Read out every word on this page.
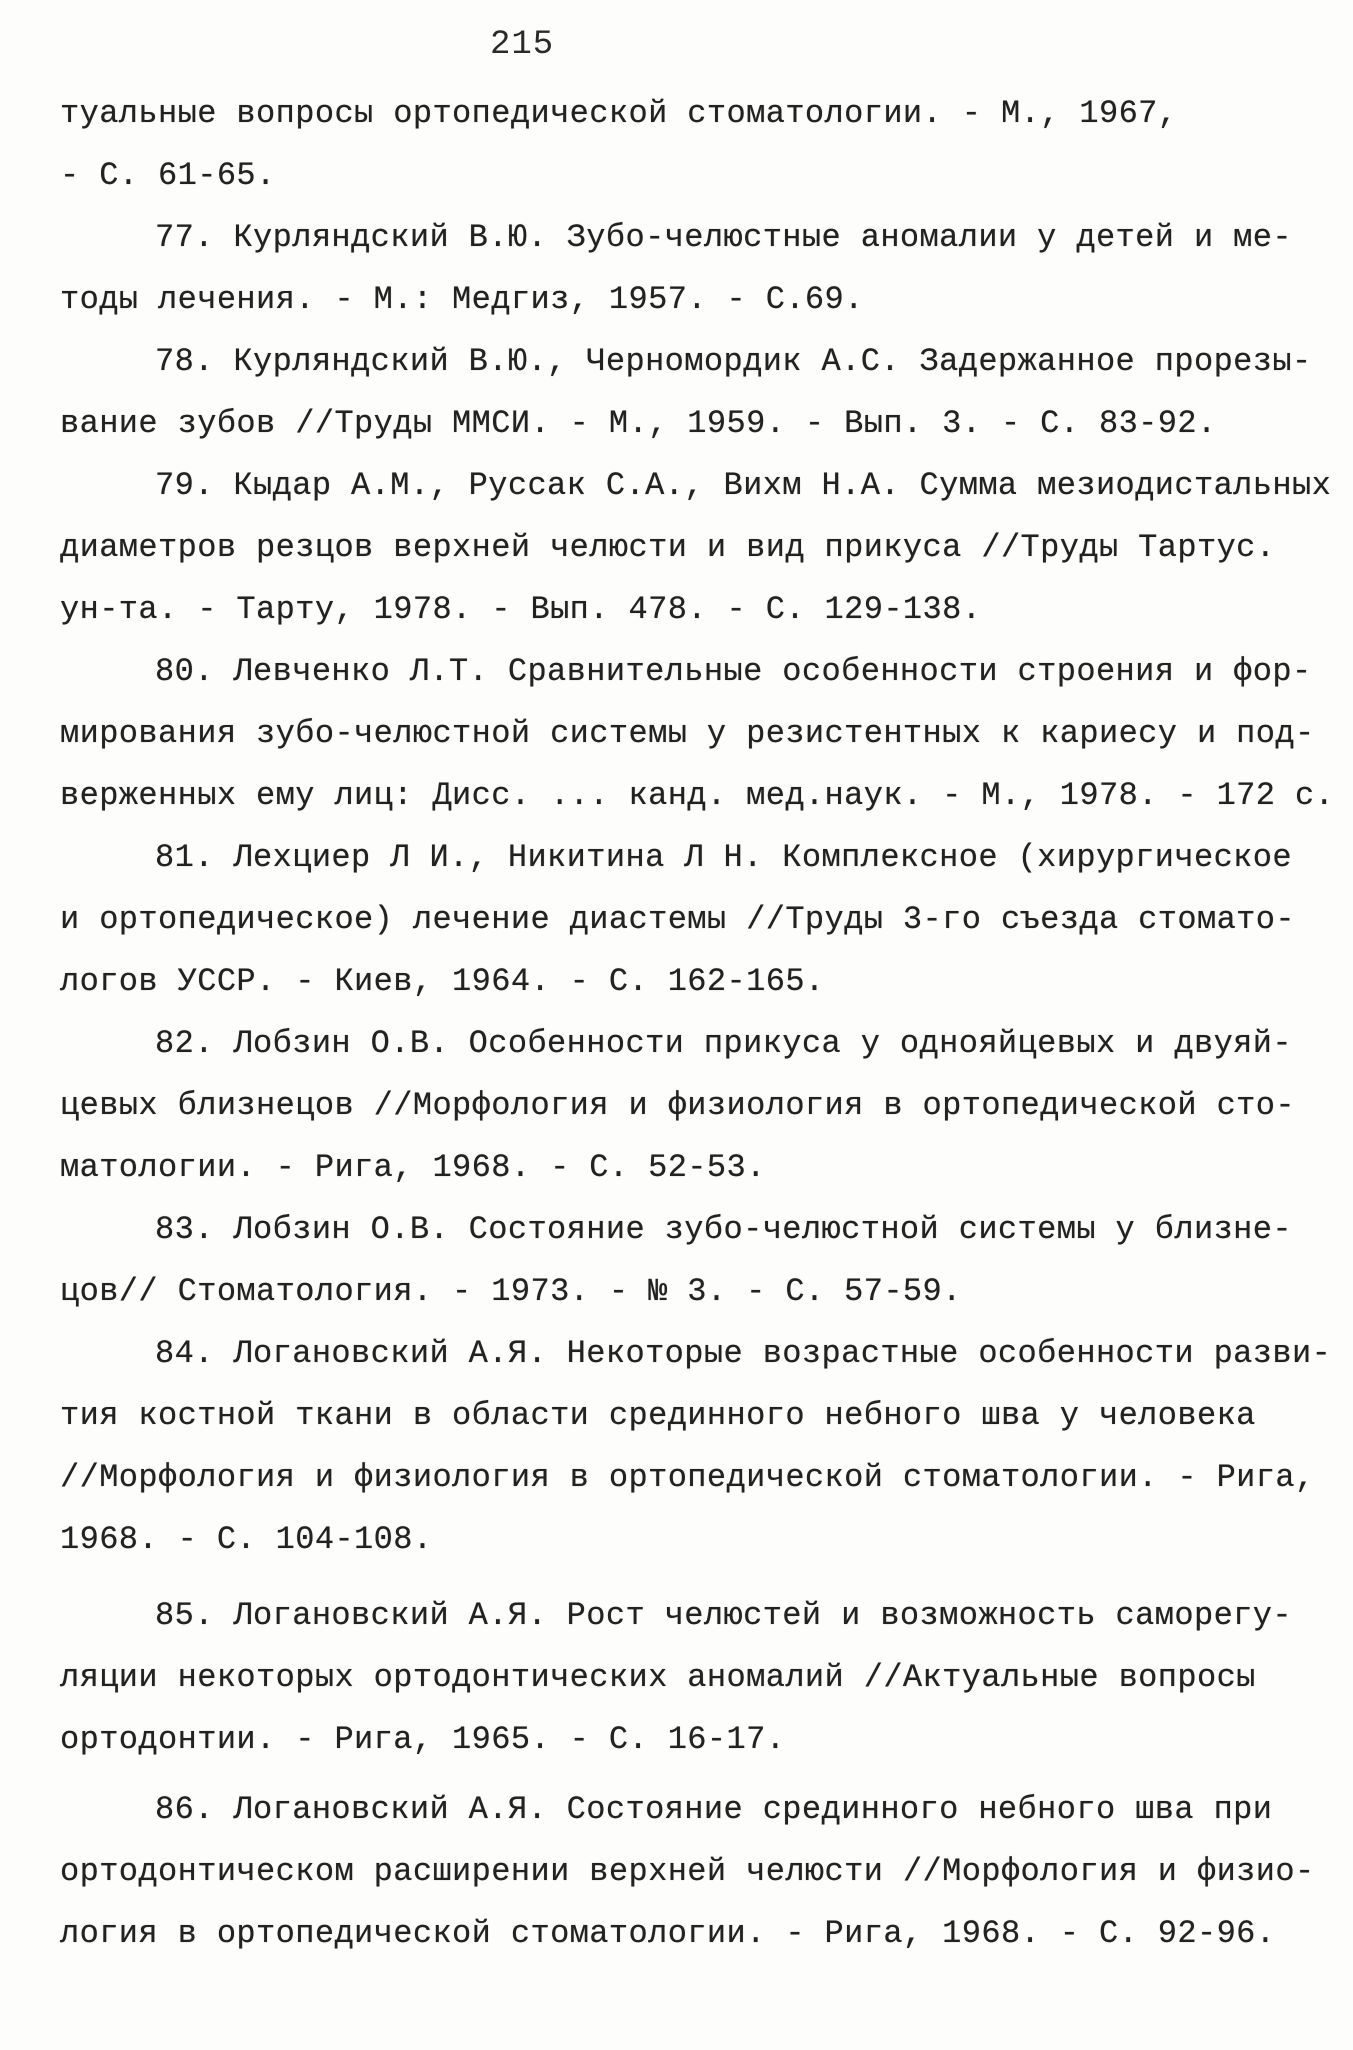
215
туальные вопросы ортопедической стоматологии. - М., 1967,
- С. 61-65.
77. Курляндский В.Ю. Зубо-челюстные аномалии у детей и ме-
тоды лечения. - М.: Медгиз, 1957. - С.69.
78. Курляндский В.Ю., Черномордик А.С. Задержанное прорезы-
вание зубов //Труды ММСИ. - М., 1959. - Вып. 3. - С. 83-92.
79. Кыдар А.М., Руссак С.А., Вихм Н.А. Сумма мезиодистальных
диаметров резцов верхней челюсти и вид прикуса //Труды Тартус.
ун-та. - Тарту, 1978. - Вып. 478. - С. 129-138.
80. Левченко Л.Т. Сравнительные особенности строения и фор-
мирования зубо-челюстной системы у резистентных к кариесу и под-
верженных ему лиц: Дисс. ... канд. мед.наук. - М., 1978. - 172 с.
81. Лехциер Л И., Никитина Л Н. Комплексное (хирургическое
и ортопедическое) лечение диастемы //Труды 3-го съезда стомато-
логов УССР. - Киев, 1964. - С. 162-165.
82. Лобзин О.В. Особенности прикуса у однояйцевых и двуяй-
цевых близнецов //Морфология и физиология в ортопедической сто-
матологии. - Рига, 1968. - С. 52-53.
83. Лобзин О.В. Состояние зубо-челюстной системы у близне-
цов// Стоматология. - 1973. - № 3. - С. 57-59.
84. Логановский А.Я. Некоторые возрастные особенности разви-
тия костной ткани в области срединного небного шва у человека
//Морфология и физиология в ортопедической стоматологии. - Рига,
1968. - С. 104-108.
85. Логановский А.Я. Рост челюстей и возможность саморегу-
ляции некоторых ортодонтических аномалий //Актуальные вопросы
ортодонтии. - Рига, 1965. - С. 16-17.
86. Логановский А.Я. Состояние срединного небного шва при
ортодонтическом расширении верхней челюсти //Морфология и физио-
логия в ортопедической стоматологии. - Рига, 1968. - С. 92-96.
